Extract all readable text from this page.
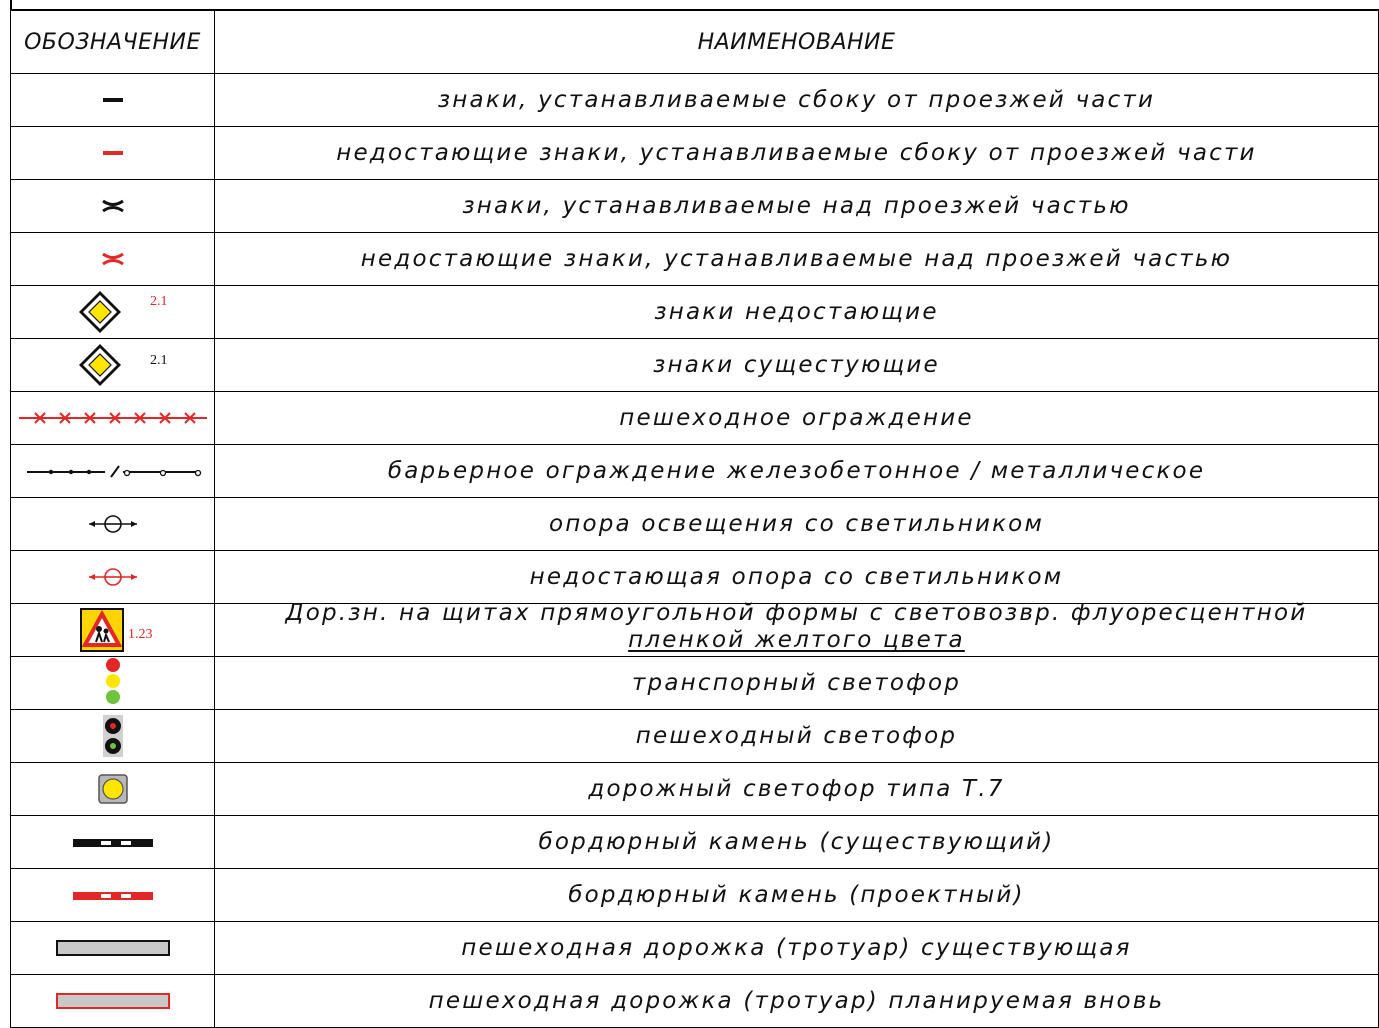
ОБОЗНАЧЕНИЕ	НАИМЕНОВАНИЕ
	знаки, устанавливаемые сбоку от проезжей части
	недостающие знаки, устанавливаемые сбоку от проезжей части
	знаки, устанавливаемые над проезжей частью
	недостающие знаки, устанавливаемые над проезжей частью

2.1	знаки недостающие

2.1	знаки сущестующие
	пешеходное ограждение
	барьерное ограждение железобетонное / металлическое
	опора освещения со светильником
	недостающая опора со светильником

1.23	Дор.зн. на щитах прямоугольной формы с световозвр. флуоресцентной
пленкой желтого цвета

	транспорный светофор
	пешеходный светофор
	дорожный светофор типа Т.7
	бордюрный камень (существующий)
	бордюрный камень (проектный)
	пешеходная дорожка (тротуар) существующая
	пешеходная дорожка (тротуар) планируемая вновь
